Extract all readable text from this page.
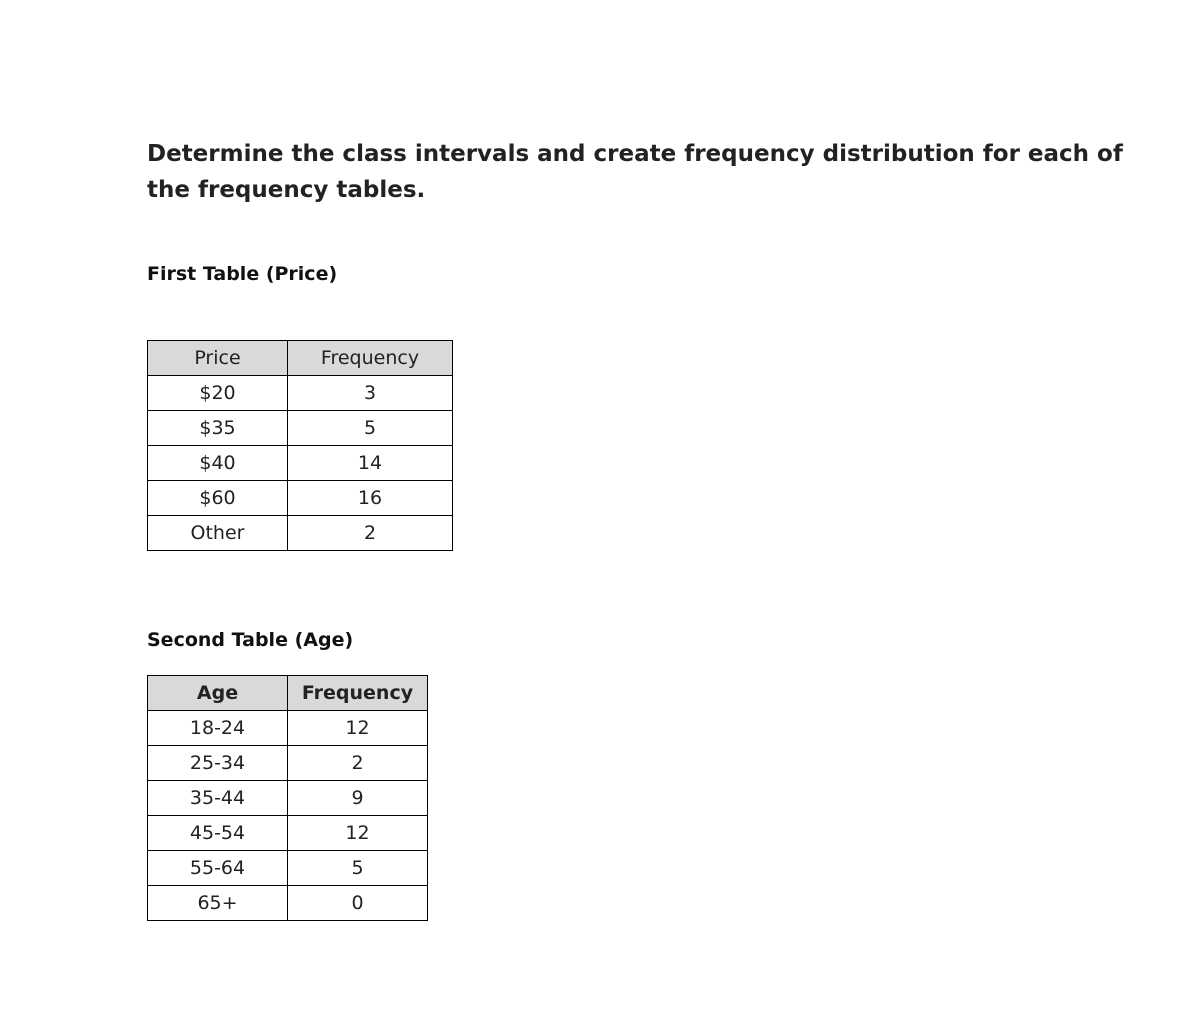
Determine the class intervals and create frequency distribution for each of the frequency tables.

First Table (Price)
Price	Frequency
$20	3
$35	5
$40	14
$60	16
Other	2
Second Table (Age)
Age	Frequency
18-24	12
25-34	2
35-44	9
45-54	12
55-64	5
65+	0
